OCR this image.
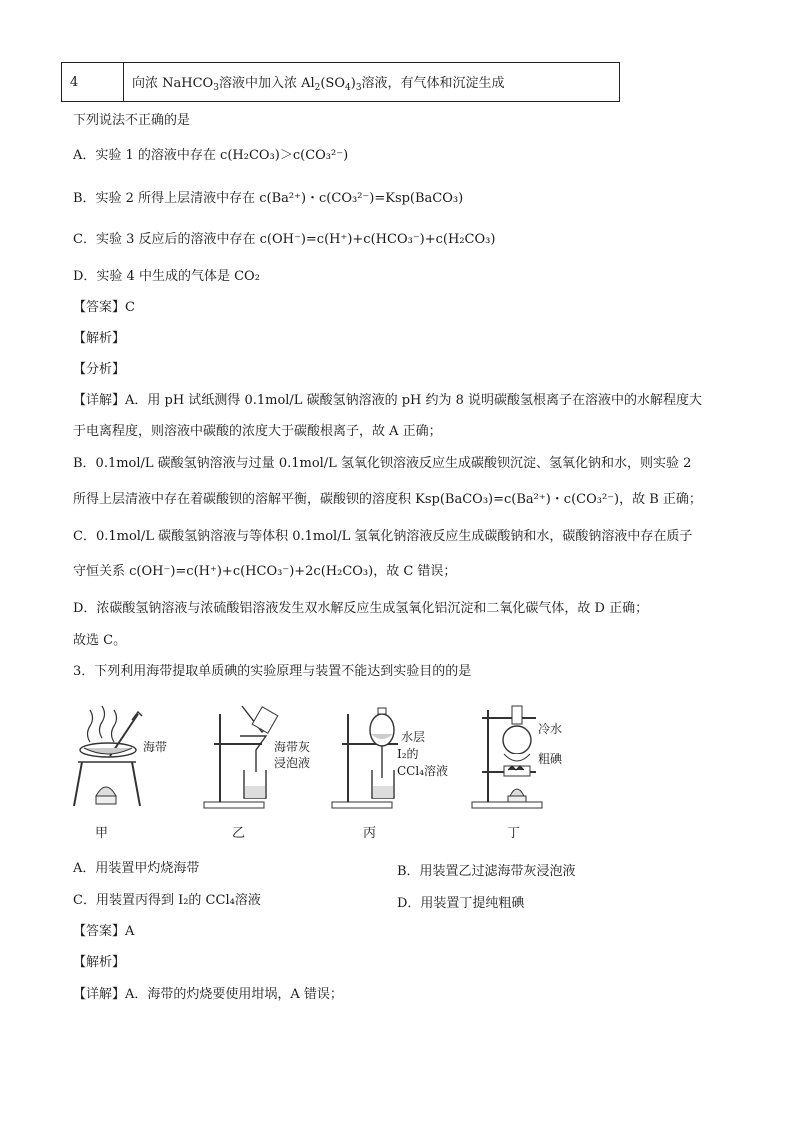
4	向浓 NaHCO$_3$溶液中加入浓 $Al_2(SO_4)_3$溶液，有气体和沉淀生成
下列说法不正确的是
A．实验 1 的溶液中存在 c(H₂CO₃)＞c(CO₃²⁻)
B．实验 2 所得上层清液中存在 c(Ba²⁺)・c(CO₃²⁻)=Ksp(BaCO₃)
C．实验 3 反应后的溶液中存在 c(OH⁻)=c(H⁺)+c(HCO₃⁻)+c(H₂CO₃)
D．实验 4 中生成的气体是 CO₂
【答案】C
【解析】
【分析】
【详解】A．用 pH 试纸测得 0.1mol/L 碳酸氢钠溶液的 pH 约为 8 说明碳酸氢根离子在溶液中的水解程度大
于电离程度，则溶液中碳酸的浓度大于碳酸根离子，故 A 正确；
B．0.1mol/L 碳酸氢钠溶液与过量 0.1mol/L 氢氧化钡溶液反应生成碳酸钡沉淀、氢氧化钠和水，则实验 2
所得上层清液中存在着碳酸钡的溶解平衡，碳酸钡的溶度积 Ksp(BaCO₃)=c(Ba²⁺)・c(CO₃²⁻)，故 B 正确；
C．0.1mol/L 碳酸氢钠溶液与等体积 0.1mol/L 氢氧化钠溶液反应生成碳酸钠和水，碳酸钠溶液中存在质子
守恒关系 c(OH⁻)=c(H⁺)+c(HCO₃⁻)+2c(H₂CO₃)，故 C 错误；
D．浓碳酸氢钠溶液与浓硫酸铝溶液发生双水解反应生成氢氧化铝沉淀和二氧化碳气体，故 D 正确；
故选 C。
3．下列利用海带提取单质碘的实验原理与装置不能达到实验目的的是
海带	海带灰
浸泡液
水层
I₂的
CCl₄溶液
冷水
粗碘
甲	乙	丙	丁
A．用装置甲灼烧海带	B．用装置乙过滤海带灰浸泡液
C．用装置丙得到 I₂的 CCl₄溶液	D．用装置丁提纯粗碘
【答案】A
【解析】
【详解】A．海带的灼烧要使用坩埚，A 错误；
